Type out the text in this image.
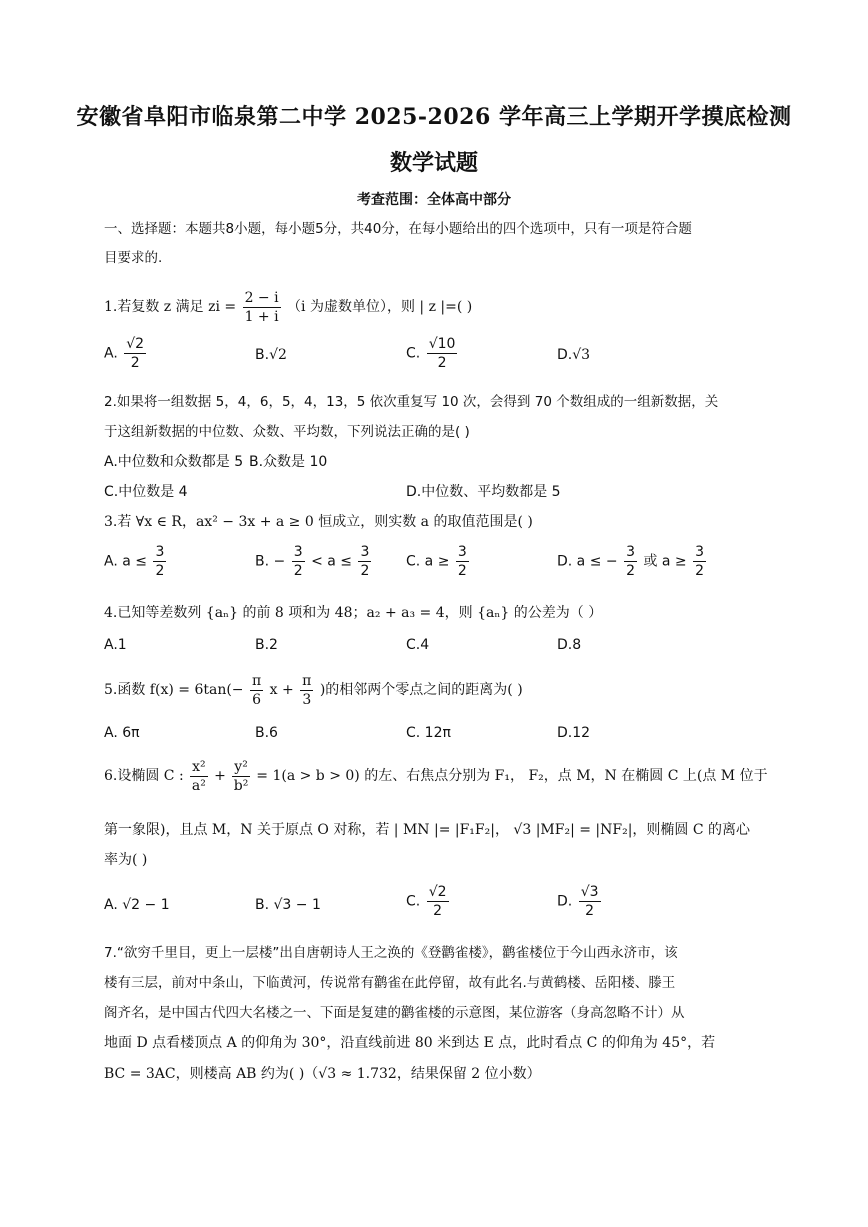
安徽省阜阳市临泉第二中学 2025-2026 学年高三上学期开学摸底检测
数学试题
考查范围：全体高中部分
一、选择题：本题共8小题，每小题5分，共40分，在每小题给出的四个选项中，只有一项是符合题
目要求的.
1.若复数 z 满足 zi = $\frac{2 - i}{1 + i} (i$ 为虚数单位），则 | z |=( )
A. $\frac{√2}{2}$	B.√2	C. $\frac{√10}{2}$	D.√3
2.如果将一组数据 5，4，6，5，4，13，5 依次重复写 10 次，会得到 70 个数组成的一组新数据，关
于这组新数据的中位数、众数、平均数，下列说法正确的是( )
A.中位数和众数都是 5 B.众数是 10
C.中位数是 4	D.中位数、平均数都是 5
3.若 ∀x ∈ R，ax² − 3x + a ≥ 0 恒成立，则实数 a 的取值范围是( )
A. $a \le \frac{3}{2}$	B. − $\frac{3}{2} < a \le \frac{3}{2} C$. $a \ge \frac{3}{2}$	D. a ≤ − $\frac{3}{2}$ 或 $a \ge \frac{3}{2}$
4.已知等差数列 {aₙ} 的前 8 项和为 48；a₂ + a₃ = 4，则 {aₙ} 的公差为（ ）
A.1	B.2	C.4	D.8
5.函数 $f(x) = 6\tan(- \frac{\pi}{6}$ $x + \frac{\pi}{3}$ )的相邻两个零点之间的距离为( )
A. 6π	B.6	C. 12π	D.12
6.设椭圆 C : $\frac{\text{x²}}{\text{a²}} + \frac{\text{y²}}{\text{b²}} = 1(a > b > 0)$ 的左、右焦点分别为 F₁， F₂，点 M，N 在椭圆 C 上(点 M 位于
第一象限)，且点 M，N 关于原点 O 对称，若 | MN |= |F₁F₂|， √3 |MF₂| = |NF₂|，则椭圆 C 的离心
率为( )
A. √2 − 1	B. √3 − 1	C. $\frac{√2}{2}$	D. $\frac{√3}{2}$
7.“欲穷千里目，更上一层楼”出自唐朝诗人王之涣的《登鹳雀楼》，鹳雀楼位于今山西永济市，该
楼有三层，前对中条山，下临黄河，传说常有鹳雀在此停留，故有此名.与黄鹤楼、岳阳楼、滕王
阁齐名，是中国古代四大名楼之一、下面是复建的鹳雀楼的示意图，某位游客（身高忽略不计）从
地面 D 点看楼顶点 A 的仰角为 30°，沿直线前进 80 米到达 E 点，此时看点 C 的仰角为 45°，若
BC = 3AC，则楼高 AB 约为( )（√3 ≈ 1.732，结果保留 2 位小数）
